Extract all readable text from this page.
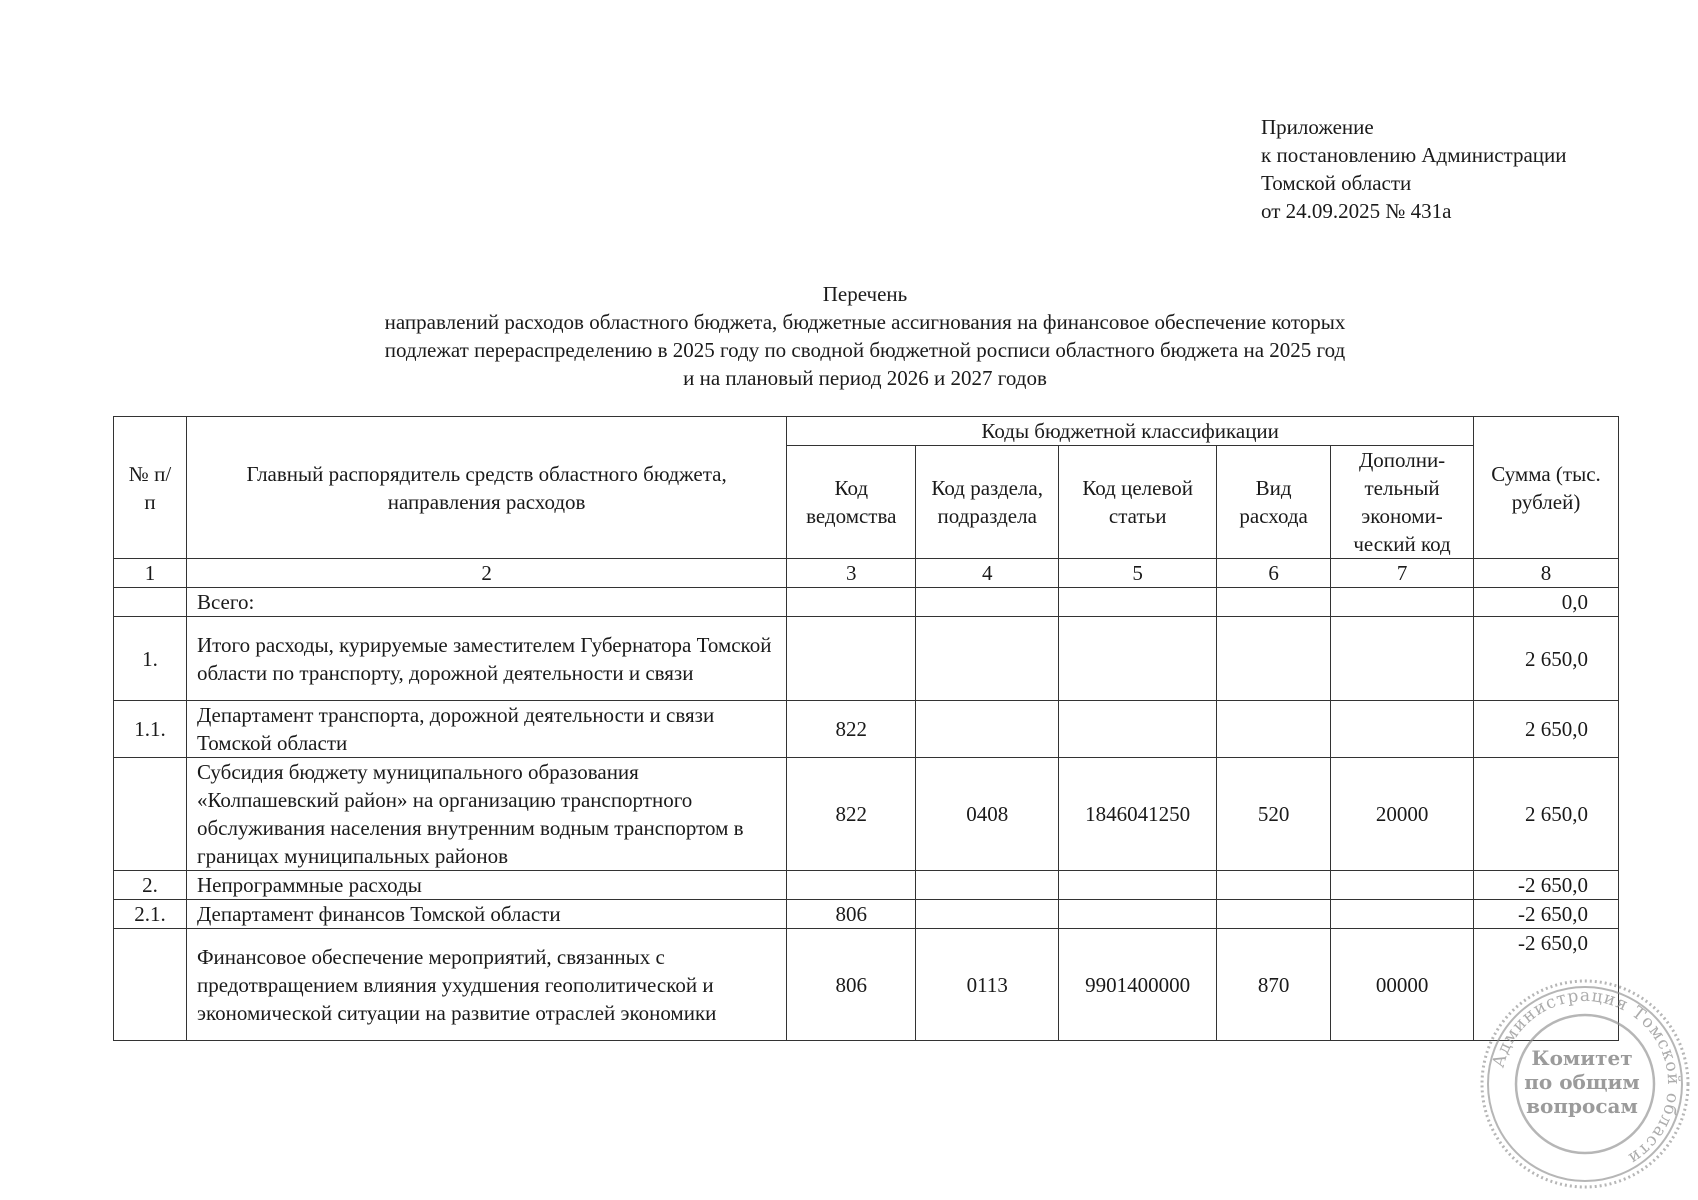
Приложение
к постановлению Администрации
Томской области
от 24.09.2025 № 431а
Перечень
направлений расходов областного бюджета, бюджетные ассигнования на финансовое обеспечение которых
подлежат перераспределению в 2025 году по сводной бюджетной росписи областного бюджета на 2025 год
и на плановый период 2026 и 2027 годов
№ п/п	Главный распорядитель средств областного бюджета, направления расходов	Коды бюджетной классификации					Сумма (тыс. рублей)
		Код ведомства	Код раздела, подраздела	Код целевой статьи	Вид расхода	Дополни-тельный экономи-ческий код	
1	2	3	4	5	6	7	8
	Всего:						0,0
1.	Итого расходы, курируемые заместителем Губернатора Томской области по транспорту, дорожной деятельности и связи						2 650,0
1.1.	Департамент транспорта, дорожной деятельности и связи Томской области	822					2 650,0
	Субсидия бюджету муниципального образования «Колпашевский район» на организацию транспортного обслуживания населения внутренним водным транспортом в границах муниципальных районов	822	0408	1846041250	520	20000	2 650,0
2.	Непрограммные расходы						-2 650,0
2.1.	Департамент финансов Томской области	806					-2 650,0
	Финансовое обеспечение мероприятий, связанных с предотвращением влияния ухудшения геополитической и экономической ситуации на развитие отраслей экономики	806	0113	9901400000	870	00000	-2 650,0
Администрация Томской области
Комитет
по общим
вопросам
